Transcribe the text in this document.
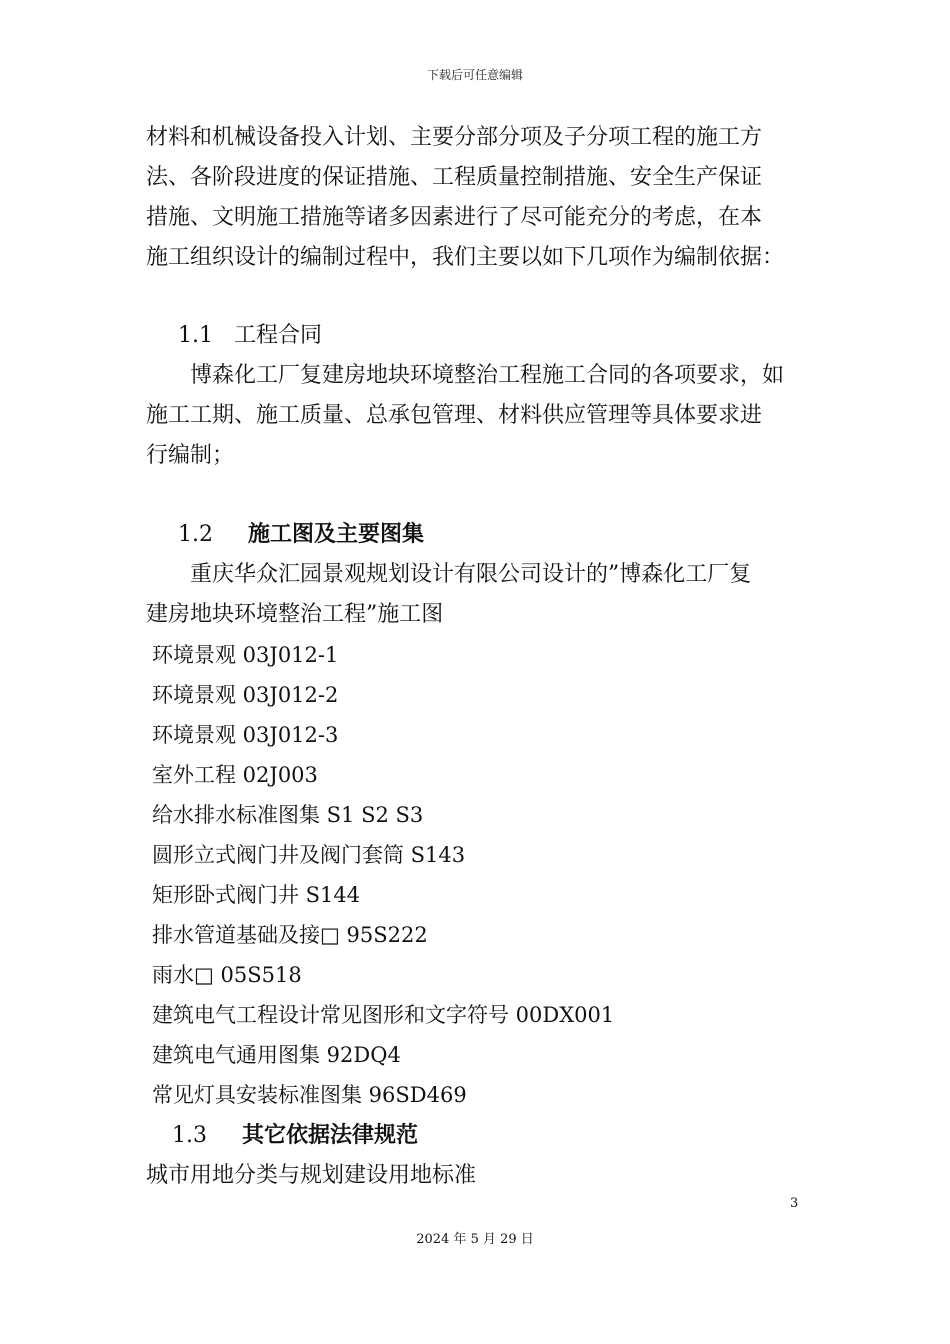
下载后可任意编辑

材料和机械设备投入计划、主要分部分项及子分项工程的施工方

法、各阶段进度的保证措施、工程质量控制措施、安全生产保证

措施、文明施工措施等诸多因素进行了尽可能充分的考虑，在本

施工组织设计的编制过程中，我们主要以如下几项作为编制依据：

1.1 工程合同

博森化工厂复建房地块环境整治工程施工合同的各项要求，如

施工工期、施工质量、总承包管理、材料供应管理等具体要求进

行编制；

1.2 施工图及主要图集

重庆华众汇园景观规划设计有限公司设计的”博森化工厂复

建房地块环境整治工程”施工图

环境景观 03J012-1

环境景观 03J012-2

环境景观 03J012-3

室外工程 02J003

给水排水标准图集 S1 S2 S3

圆形立式阀门井及阀门套筒 S143

矩形卧式阀门井 S144

排水管道基础及接□ 95S222

雨水□ 05S518

建筑电气工程设计常见图形和文字符号 00DX001

建筑电气通用图集 92DQ4

常见灯具安装标准图集 96SD469

1.3 其它依据法律规范

城市用地分类与规划建设用地标准

3
2024 年 5 月 29 日
